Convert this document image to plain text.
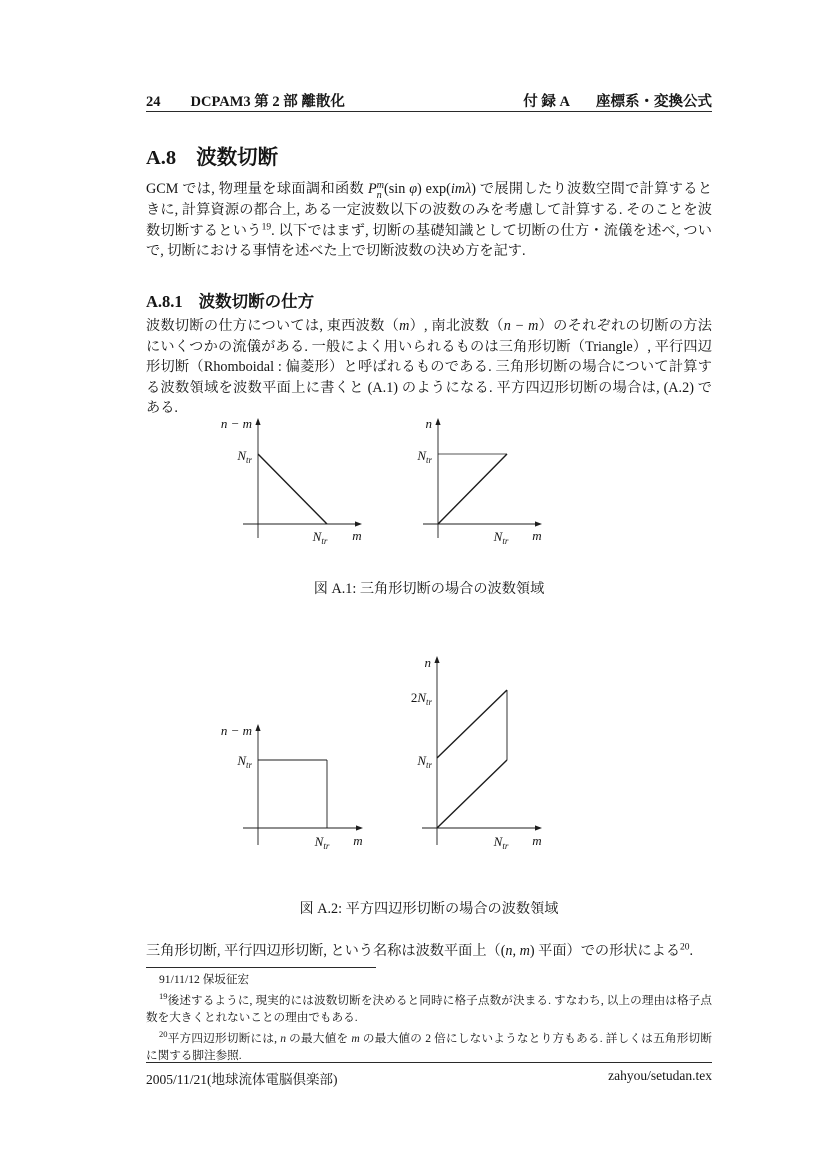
24 DCPAM3 第 2 部 離散化	付 録 A 座標系・変換公式
A.8 波数切断

GCM では, 物理量を球面調和函数 P m
n (sin φ) exp(imλ) で展開したり波数空間で計算するときに, 計算資源の都合上, ある一定波数以下の波数のみを考慮して計算する. そのことを波数切断するという$^{19}$. 以下ではまず, 切断の基礎知識として切断の仕方・流儀を述べ, ついで, 切断における事情を述べた上で切断波数の決め方を記す.

A.8.1 波数切断の仕方

波数切断の仕方については, 東西波数（m）, 南北波数（n − m）のそれぞれの切断の方法にいくつかの流儀がある. 一般によく用いられるものは三角形切断（Triangle）, 平行四辺形切断（Rhomboidal : 偏菱形）と呼ばれるものである. 三角形切断の場合について計算する波数領域を波数平面上に書くと (A.1) のようになる. 平方四辺形切断の場合は, (A.2) である.

n − m
$N_{tr}$
$N_{tr}$ m
n
$N_{tr}$
$N_{tr}$ m
図 A.1: 三角形切断の場合の波数領域
n − m
$N_{tr}$
$N_{tr}$ m
n
$2N_{tr}$
$N_{tr}$
$N_{tr}$ m
図 A.2: 平方四辺形切断の場合の波数領域

三角形切断, 平行四辺形切断, という名称は波数平面上（(n, m) 平面）での形状による$^{20}$.

91/11/12 保坂征宏

$^{19}$後述するように, 現実的には波数切断を決めると同時に格子点数が決まる. すなわち, 以上の理由は格子点数を大きくとれないことの理由でもある.

$^{20}$平方四辺形切断には, n の最大値を m の最大値の 2 倍にしないようなとり方もある. 詳しくは五角形切断に関する脚注参照.

2005/11/21(地球流体電脳倶楽部)	zahyou/setudan.tex
